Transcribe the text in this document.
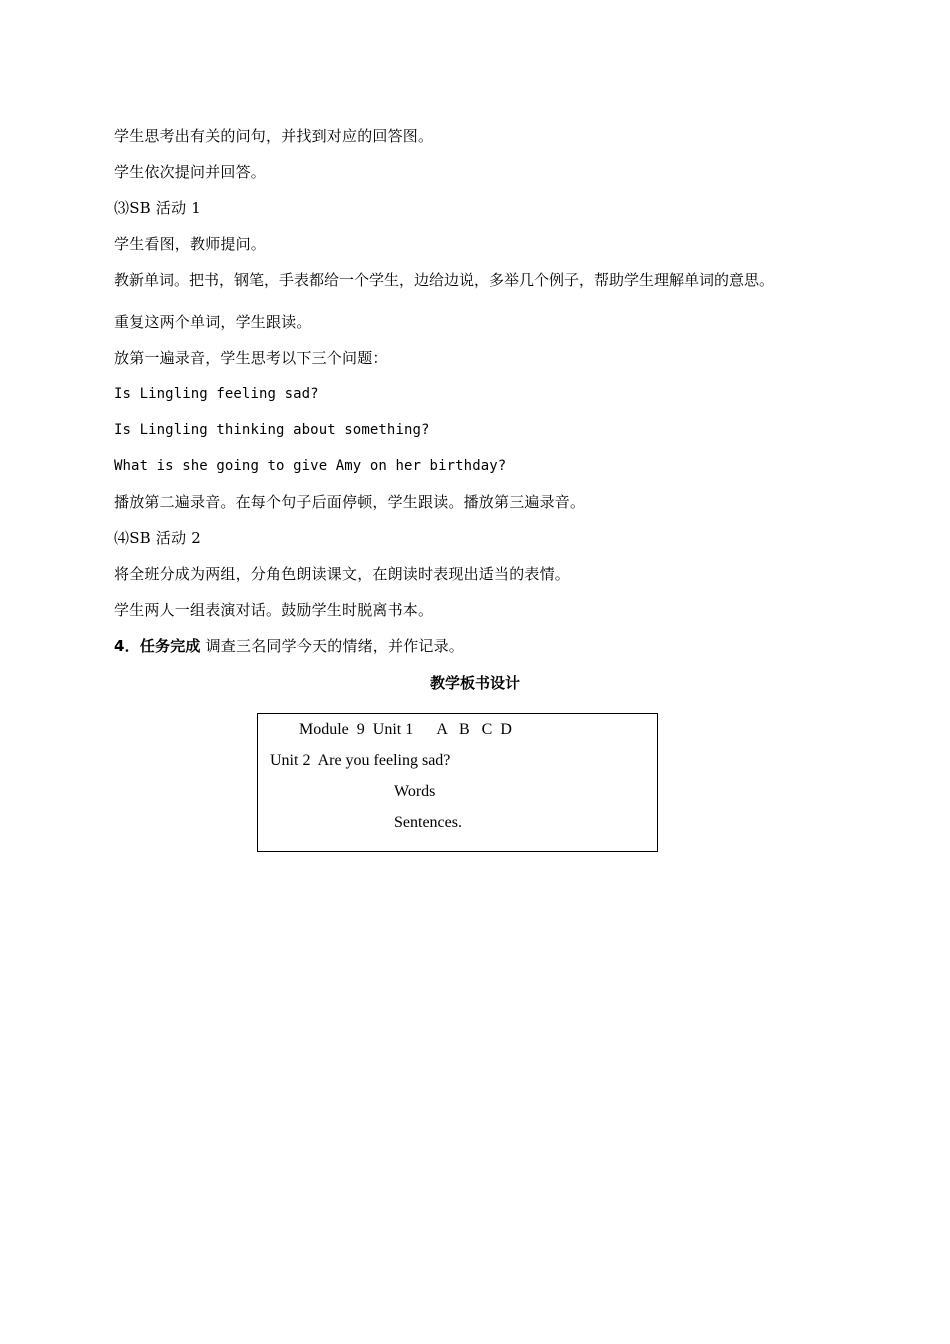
学生思考出有关的问句，并找到对应的回答图。
学生依次提问并回答。
⑶SB 活动 1
学生看图，教师提问。
教新单词。把书，钢笔，手表都给一个学生，边给边说，多举几个例子，帮助学生理解单词的意思。
重复这两个单词，学生跟读。
放第一遍录音，学生思考以下三个问题：
Is Lingling feeling sad?
Is Lingling thinking about something?
What is she going to give Amy on her birthday?
播放第二遍录音。在每个句子后面停顿，学生跟读。播放第三遍录音。
⑷SB 活动 2
将全班分成为两组，分角色朗读课文，在朗读时表现出适当的表情。
学生两人一组表演对话。鼓励学生时脱离书本。
4．任务完成 调查三名同学今天的情绪，并作记录。
教学板书设计
Module  9  Unit 1      A   B   C  D
Unit 2  Are you feeling sad?
Words
Sentences.
